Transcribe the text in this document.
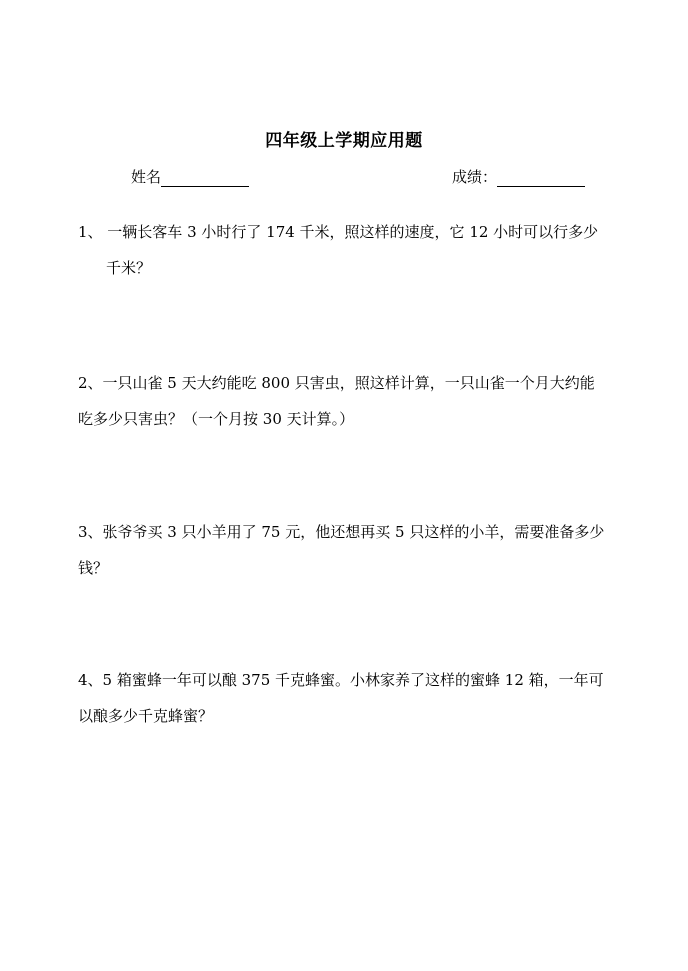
四年级上学期应用题
姓名	成绩：
1、 一辆长客车 3 小时行了 174 千米，照这样的速度，它 12 小时可以行多少
千米？
2、一只山雀 5 天大约能吃 800 只害虫，照这样计算，一只山雀一个月大约能
吃多少只害虫？（一个月按 30 天计算。）
3、张爷爷买 3 只小羊用了 75 元，他还想再买 5 只这样的小羊，需要准备多少
钱？
4、5 箱蜜蜂一年可以酿 375 千克蜂蜜。小林家养了这样的蜜蜂 12 箱，一年可
以酿多少千克蜂蜜？
